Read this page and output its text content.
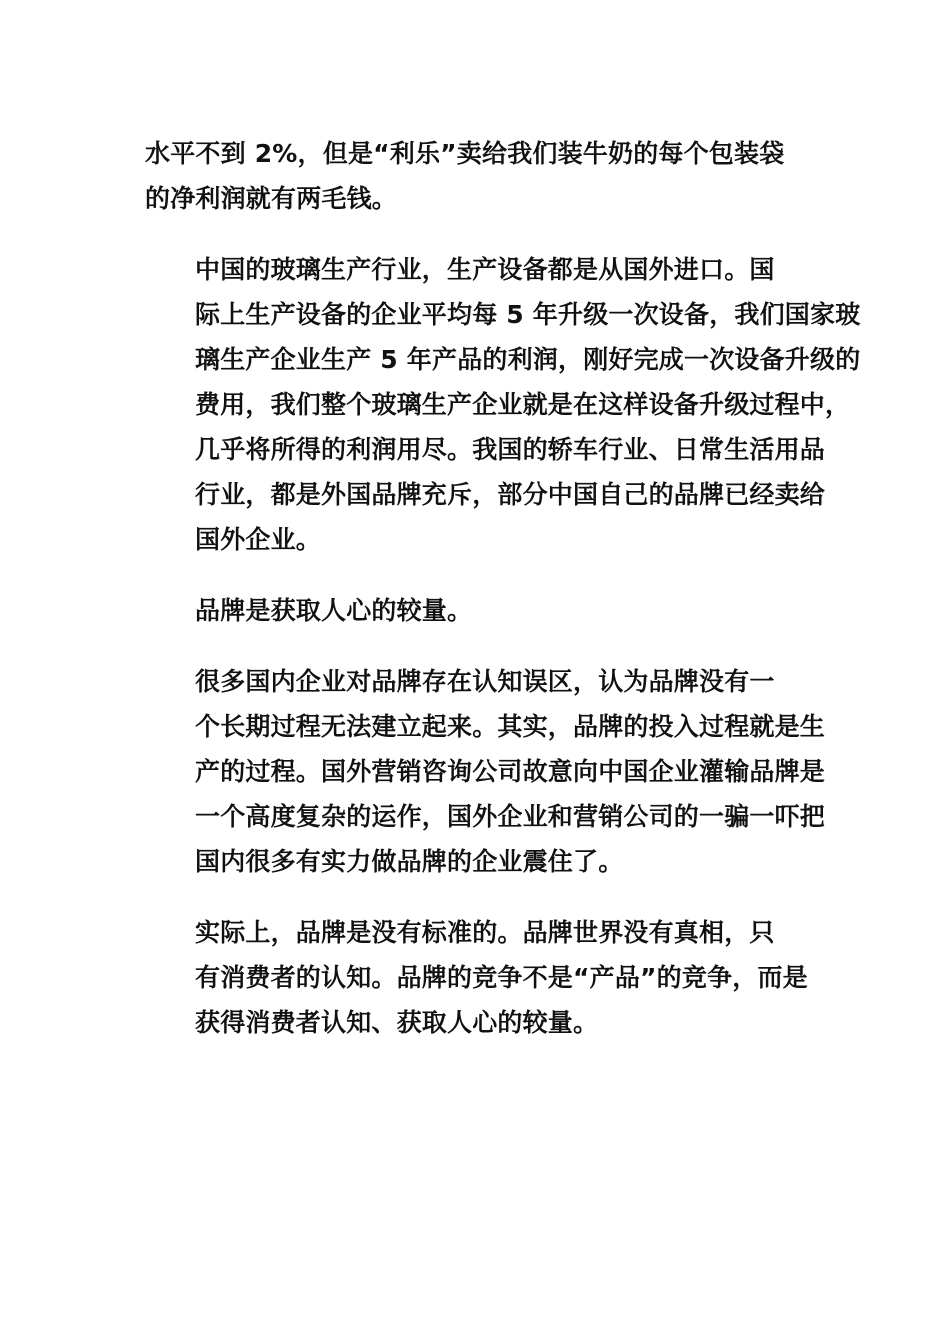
水平不到 2%，但是“利乐”卖给我们装牛奶的每个包装袋
的净利润就有两毛钱。

中国的玻璃生产行业，生产设备都是从国外进口。国
际上生产设备的企业平均每 5 年升级一次设备，我们国家玻
璃生产企业生产 5 年产品的利润，刚好完成一次设备升级的
费用，我们整个玻璃生产企业就是在这样设备升级过程中，
几乎将所得的利润用尽。我国的轿车行业、日常生活用品
行业，都是外国品牌充斥，部分中国自己的品牌已经卖给
国外企业。

品牌是获取人心的较量。

很多国内企业对品牌存在认知误区，认为品牌没有一
个长期过程无法建立起来。其实，品牌的投入过程就是生
产的过程。国外营销咨询公司故意向中国企业灌输品牌是
一个高度复杂的运作，国外企业和营销公司的一骗一吓把
国内很多有实力做品牌的企业震住了。

实际上，品牌是没有标准的。品牌世界没有真相，只
有消费者的认知。品牌的竞争不是“产品”的竞争，而是
获得消费者认知、获取人心的较量。
